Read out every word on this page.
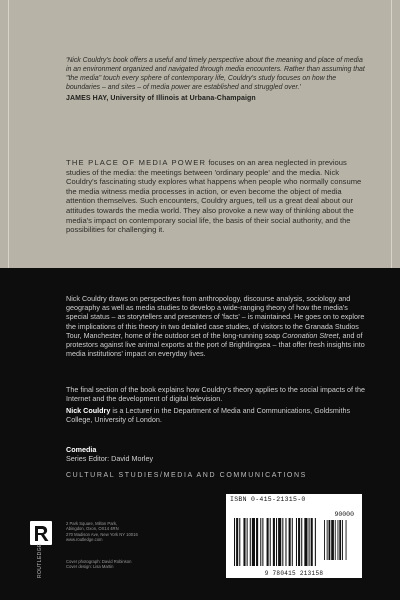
'Nick Couldry's book offers a useful and timely perspective about the meaning and place of media in an environment organized and navigated through media encounters. Rather than assuming that "the media" touch every sphere of contemporary life, Couldry's study focuses on how the boundaries – and sites – of media power are established and struggled over.'
JAMES HAY, University of Illinois at Urbana-Champaign
THE PLACE OF MEDIA POWER focuses on an area neglected in previous studies of the media: the meetings between 'ordinary people' and the media. Nick Couldry's fascinating study explores what happens when people who normally consume the media witness media processes in action, or even become the object of media attention themselves. Such encounters, Couldry argues, tell us a great deal about our attitudes towards the media world. They also provoke a new way of thinking about the media's impact on contemporary social life, the basis of their social authority, and the possibilities for challenging it.
Nick Couldry draws on perspectives from anthropology, discourse analysis, sociology and geography as well as media studies to develop a wide-ranging theory of how the media's special status – as storytellers and presenters of 'facts' – is maintained. He goes on to explore the implications of this theory in two detailed case studies, of visitors to the Granada Studios Tour, Manchester, home of the outdoor set of the long-running soap Coronation Street, and of protestors against live animal exports at the port of Brightlingsea – that offer fresh insights into media institutions' impact on everyday lives.
The final section of the book explains how Couldry's theory applies to the social impacts of the Internet and the development of digital television.
Nick Couldry is a Lecturer in the Department of Media and Communications, Goldsmiths College, University of London.
Comedia
Series Editor: David Morley
CULTURAL STUDIES/MEDIA AND COMMUNICATIONS
ROUTLEDGE
2 Park Square, Milton Park,
Abingdon, Oxon, OX14 4RN
270 Madison Ave, New York NY 10016
www.routledge.com
Cover photograph: David Robinson
Cover design: Lisa Martin
ISBN 0-415-21315-0
90000
9 780415 213158
